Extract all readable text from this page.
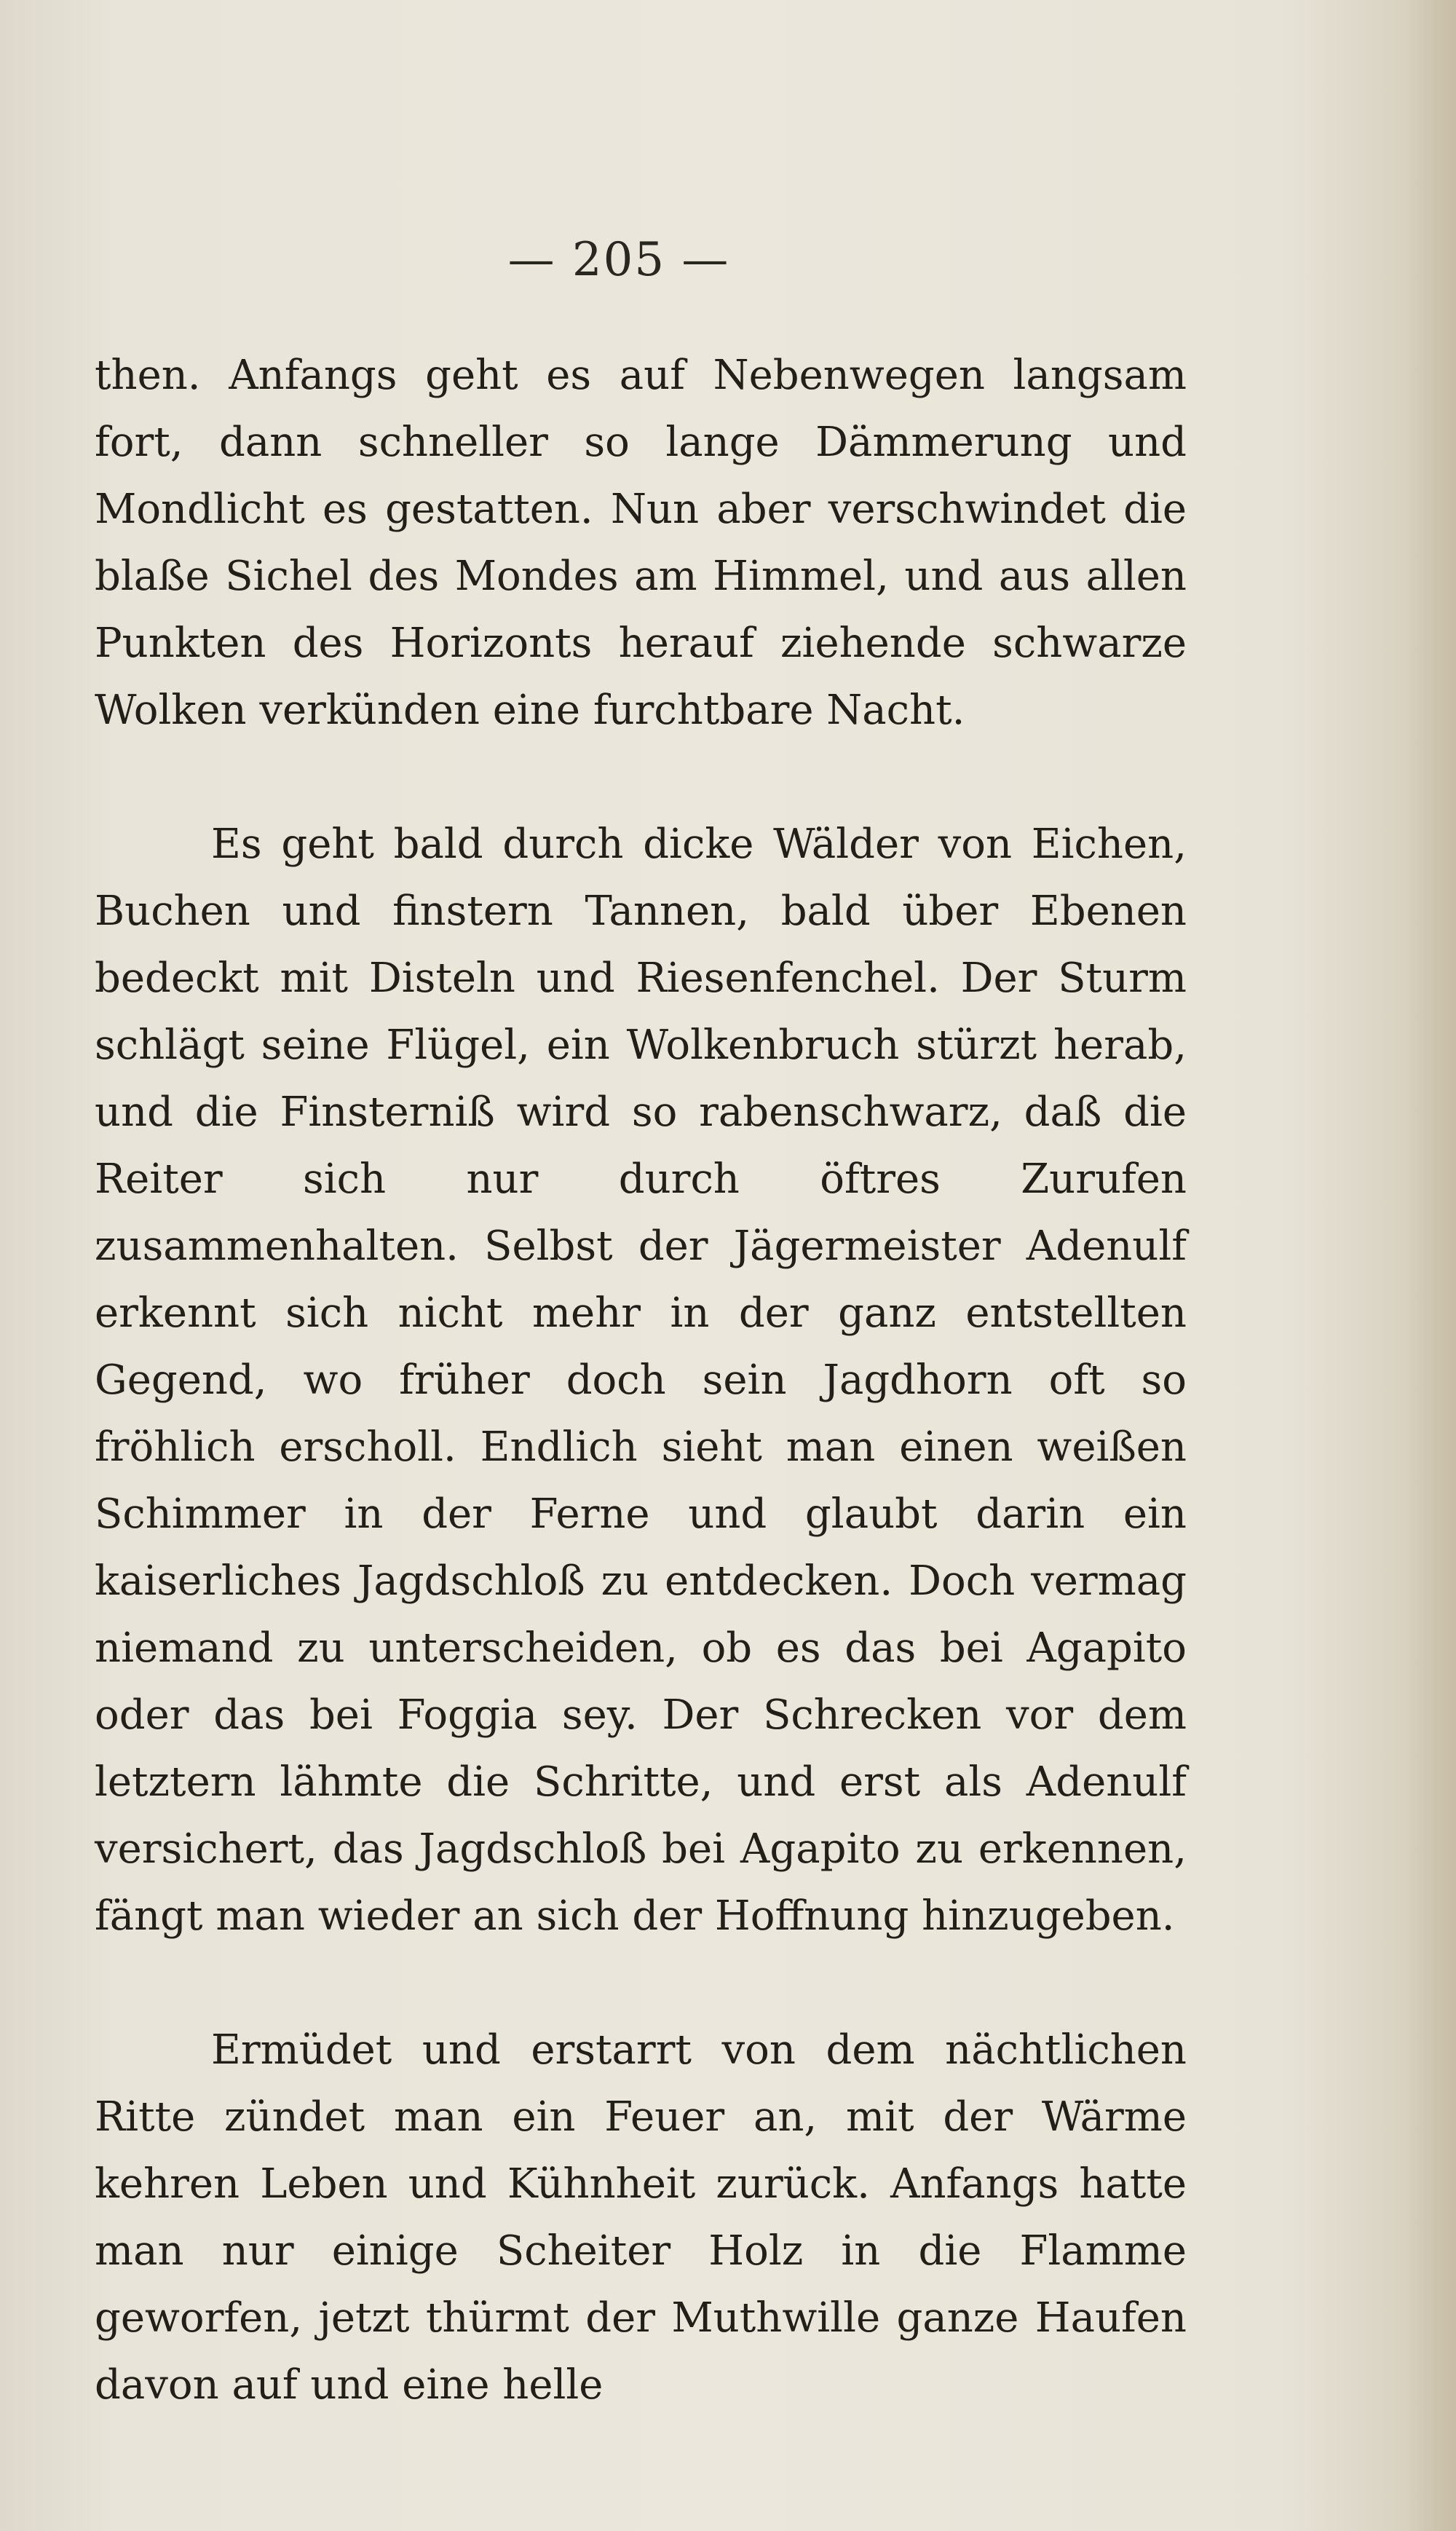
— 205 —

then. Anfangs geht es auf Nebenwegen langsam fort, dann schneller so lange Dämmerung und Mondlicht es gestatten. Nun aber verschwindet die blaße Sichel des Mondes am Himmel, und aus allen Punkten des Horizonts herauf ziehende schwarze Wolken verkünden eine furchtbare Nacht.

Es geht bald durch dicke Wälder von Eichen, Buchen und finstern Tannen, bald über Ebenen bedeckt mit Disteln und Riesenfenchel. Der Sturm schlägt seine Flügel, ein Wolkenbruch stürzt herab, und die Finsterniß wird so rabenschwarz, daß die Reiter sich nur durch öftres Zurufen zusammenhalten. Selbst der Jägermeister Adenulf erkennt sich nicht mehr in der ganz entstellten Gegend, wo früher doch sein Jagdhorn oft so fröhlich erscholl. Endlich sieht man einen weißen Schimmer in der Ferne und glaubt darin ein kaiserliches Jagdschloß zu entdecken. Doch vermag niemand zu unterscheiden, ob es das bei Agapito oder das bei Foggia sey. Der Schrecken vor dem letztern lähmte die Schritte, und erst als Adenulf versichert, das Jagdschloß bei Agapito zu erkennen, fängt man wieder an sich der Hoffnung hinzugeben.

Ermüdet und erstarrt von dem nächtlichen Ritte zündet man ein Feuer an, mit der Wärme kehren Leben und Kühnheit zurück. Anfangs hatte man nur einige Scheiter Holz in die Flamme geworfen, jetzt thürmt der Muthwille ganze Haufen davon auf und eine helle
